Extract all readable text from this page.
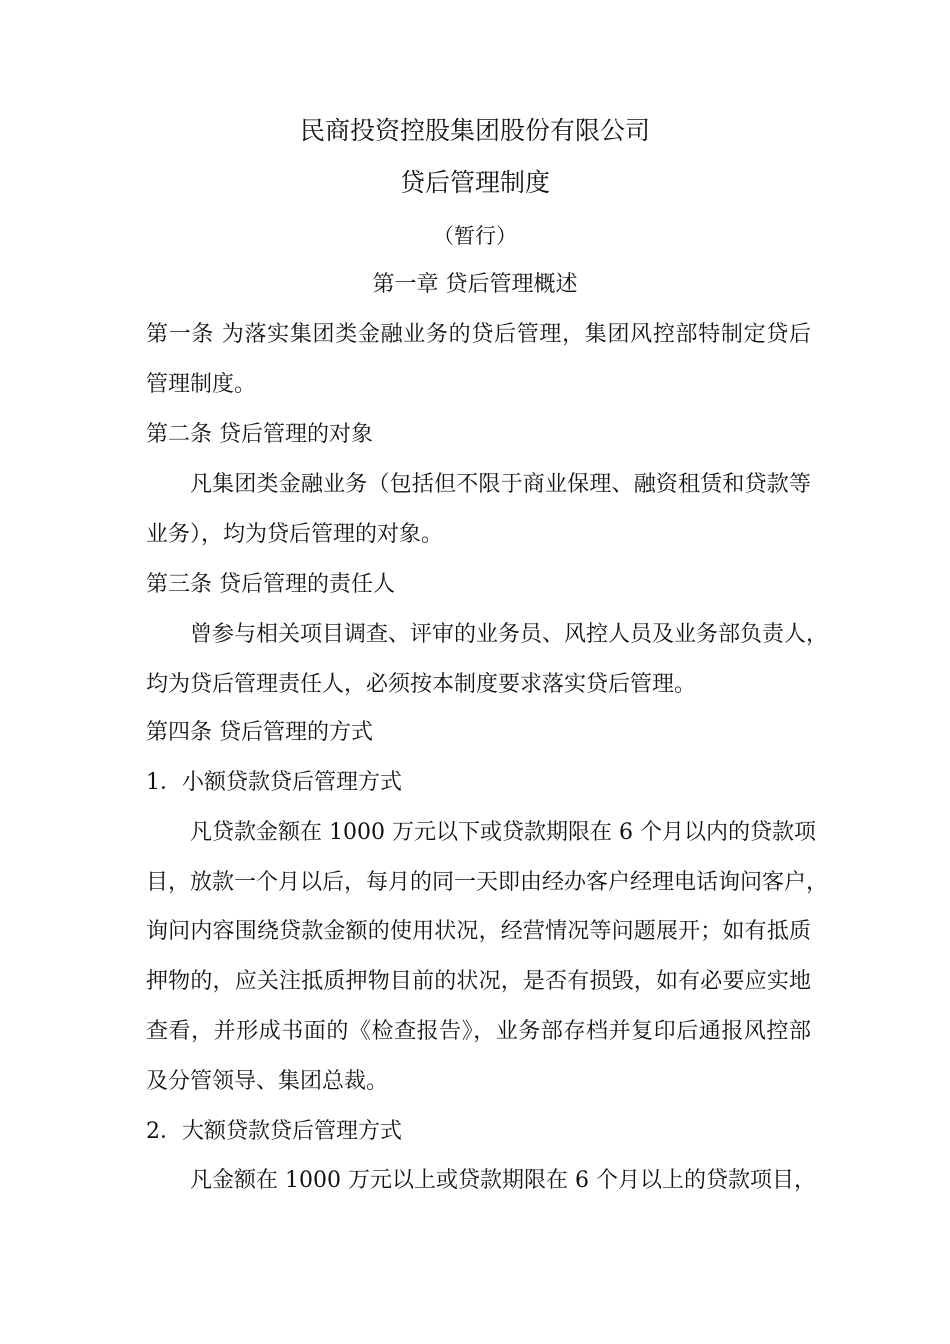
民商投资控股集团股份有限公司
贷后管理制度
（暂行）
第一章 贷后管理概述
第一条 为落实集团类金融业务的贷后管理，集团风控部特制定贷后
管理制度。
第二条 贷后管理的对象
凡集团类金融业务（包括但不限于商业保理、融资租赁和贷款等
业务），均为贷后管理的对象。
第三条 贷后管理的责任人
曾参与相关项目调查、评审的业务员、风控人员及业务部负责人，
均为贷后管理责任人，必须按本制度要求落实贷后管理。
第四条 贷后管理的方式
1．小额贷款贷后管理方式
凡贷款金额在 1000 万元以下或贷款期限在 6 个月以内的贷款项
目，放款一个月以后，每月的同一天即由经办客户经理电话询问客户，
询问内容围绕贷款金额的使用状况，经营情况等问题展开；如有抵质
押物的，应关注抵质押物目前的状况，是否有损毁，如有必要应实地
查看，并形成书面的《检查报告》，业务部存档并复印后通报风控部
及分管领导、集团总裁。
2．大额贷款贷后管理方式
凡金额在 1000 万元以上或贷款期限在 6 个月以上的贷款项目，
